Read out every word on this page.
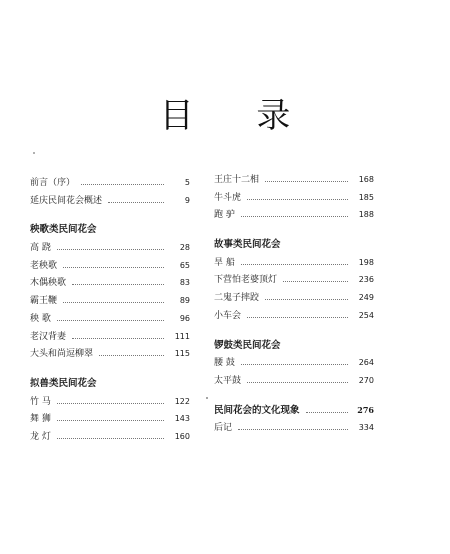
目 录
前言（序）	5
延庆民间花会概述	9
秧歌类民间花会
高 跷	28
老秧歌	65
木偶秧歌	83
霸王鞭	89
秧 歌	96
老汉背妻	111
大头和尚逗柳翠	115
拟兽类民间花会
竹 马	122
舞 狮	143
龙 灯	160
王庄十二相	168
牛斗虎	185
跑 驴	188
故事类民间花会
旱 船	198
下营怕老婆顶灯	236
二鬼子摔跤	249
小车会	254
锣鼓类民间花会
腰 鼓	264
太平鼓	270
民间花会的文化现象	276
后记	334
